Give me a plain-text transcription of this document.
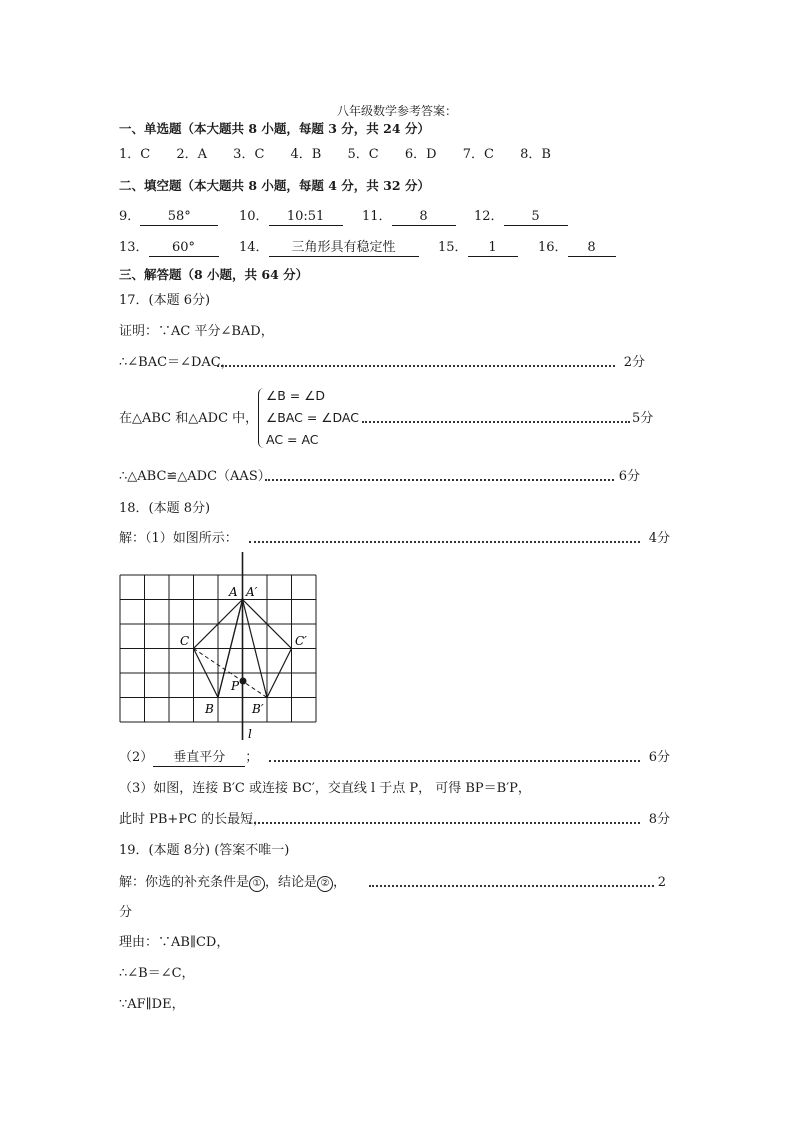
八年级数学参考答案：
一、单选题（本大题共 8 小题，每题 3 分，共 24 分）
1．C 2．A 3．C 4．B 5．C 6．D 7．C 8．B
二、填空题（本大题共 8 小题，每题 4 分，共 32 分）
9． 58°	10． 10:51	11． 8	12． 5
13． 60°	14． 三角形具有稳定性	15． 1	16． 8
三、解答题（8 小题，共 64 分）
17．(本题 6分)
证明：∵AC 平分∠BAD，
∴∠BAC＝∠DAC，	2分
在△ABC 和△ADC 中，
∠B = ∠D
∠BAC = ∠DAC
AC = AC
5分
∴△ABC≌△ADC（AAS）	6分
18．(本题 8分)
解：（1）如图所示：	4分
A A′
C	C′
P
B	B′
l
（2） 垂直平分 ；	6分
（3）如图，连接 B′C 或连接 BC′，交直线 l 于点 P， 可得 BP＝B′P，
此时 PB+PC 的长最短，	8分
19．(本题 8分) (答案不唯一)
解：你选的补充条件是 ① ，结论是 ② ，	2
分
理由：∵AB∥CD，
∴∠B＝∠C，
∵AF∥DE，
